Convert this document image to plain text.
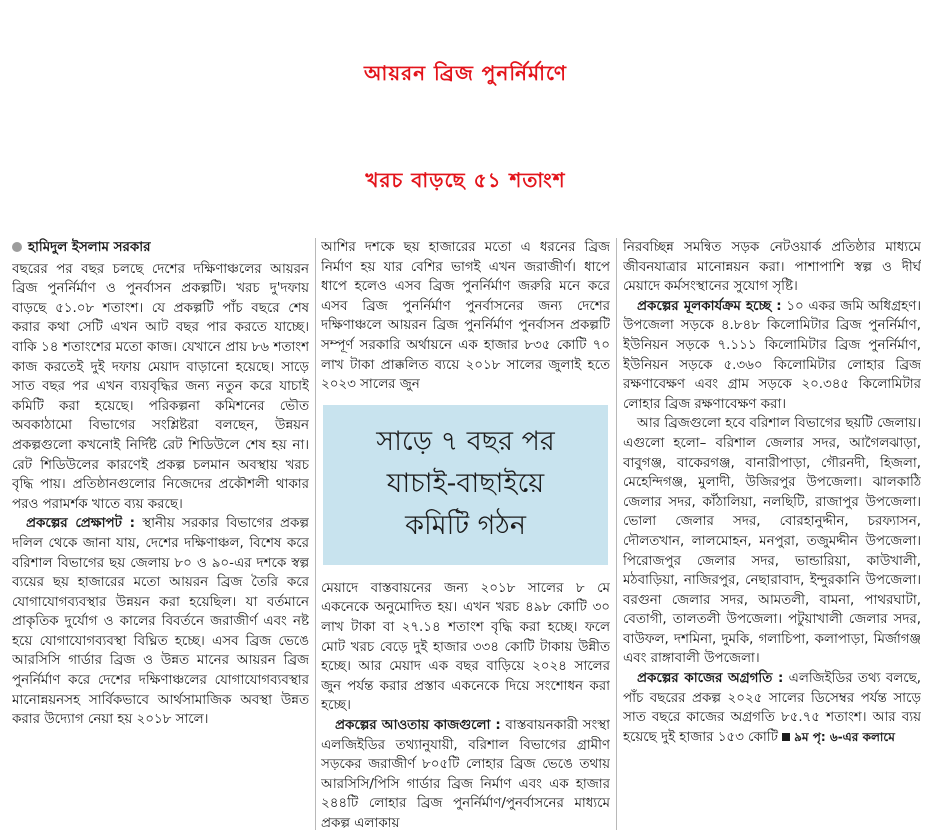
আয়রন ব্রিজ পুনর্নির্মাণে
খরচ বাড়ছে ৫১ শতাংশ
হামিদুল ইসলাম সরকার

বছরের পর বছর চলছে দেশের দক্ষিণাঞ্চলের আয়রন ব্রিজ পুনর্নির্মাণ ও পুনর্বাসন প্রকল্পটি। খরচ দু'দফায় বাড়ছে ৫১.০৮ শতাংশ। যে প্রকল্পটি পাঁচ বছরে শেষ করার কথা সেটি এখন আট বছর পার করতে যাচ্ছে। বাকি ১৪ শতাংশের মতো কাজ। যেখানে প্রায় ৮৬ শতাংশ কাজ করতেই দুই দফায় মেয়াদ বাড়ানো হয়েছে। সাড়ে সাত বছর পর এখন ব্যয়বৃদ্ধির জন্য নতুন করে যাচাই কমিটি করা হয়েছে। পরিকল্পনা কমিশনের ভৌত অবকাঠামো বিভাগের সংশ্লিষ্টরা বলছেন, উন্নয়ন প্রকল্পগুলো কখনোই নির্দিষ্ট রেট শিডিউলে শেষ হয় না। রেট শিডিউলের কারণেই প্রকল্প চলমান অবস্থায় খরচ বৃদ্ধি পায়। প্রতিষ্ঠানগুলোর নিজেদের প্রকৌশলী থাকার পরও পরামর্শক খাতে ব্যয় করছে।

প্রকল্পের প্রেক্ষাপট : স্থানীয় সরকার বিভাগের প্রকল্প দলিল থেকে জানা যায়, দেশের দক্ষিণাঞ্চল, বিশেষ করে বরিশাল বিভাগের ছয় জেলায় ৮০ ও ৯০-এর দশকে স্বল্প ব্যয়ের ছয় হাজারের মতো আয়রন ব্রিজ তৈরি করে যোগাযোগব্যবস্থার উন্নয়ন করা হয়েছিল। যা বর্তমানে প্রাকৃতিক দুর্যোগ ও কালের বিবর্তনে জরাজীর্ণ এবং নষ্ট হয়ে যোগাযোগব্যবস্থা বিঘ্নিত হচ্ছে। এসব ব্রিজ ভেঙে আরসিসি গার্ডার ব্রিজ ও উন্নত মানের আয়রন ব্রিজ পুনর্নির্মাণ করে দেশের দক্ষিণাঞ্চলের যোগাযোগব্যবস্থার মানোন্নয়নসহ সার্বিকভাবে আর্থসামাজিক অবস্থা উন্নত করার উদ্যোগ নেয়া হয় ২০১৮ সালে।

আশির দশকে ছয় হাজারের মতো এ ধরনের ব্রিজ নির্মাণ হয় যার বেশির ভাগই এখন জরাজীর্ণ। ধাপে ধাপে হলেও এসব ব্রিজ পুনর্নির্মাণ জরুরি মনে করে এসব ব্রিজ পুনর্নির্মাণ পুনর্বাসনের জন্য দেশের দক্ষিণাঞ্চলে আয়রন ব্রিজ পুনর্নির্মাণ পুনর্বাসন প্রকল্পটি সম্পূর্ণ সরকারি অর্থায়নে এক হাজার ৮৩৫ কোটি ৭০ লাখ টাকা প্রাক্কলিত ব্যয়ে ২০১৮ সালের জুলাই হতে ২০২৩ সালের জুন

সাড়ে ৭ বছর পর
যাচাই-বাছাইয়ে
কমিটি গঠন

মেয়াদে বাস্তবায়নের জন্য ২০১৮ সালের ৮ মে একনেকে অনুমোদিত হয়। এখন খরচ ৪৯৮ কোটি ৩০ লাখ টাকা বা ২৭.১৪ শতাংশ বৃদ্ধি করা হচ্ছে। ফলে মোট খরচ বেড়ে দুই হাজার ৩৩৪ কোটি টাকায় উন্নীত হচ্ছে। আর মেয়াদ এক বছর বাড়িয়ে ২০২৪ সালের জুন পর্যন্ত করার প্রস্তাব একনেকে দিয়ে সংশোধন করা হচ্ছে।

প্রকল্পের আওতায় কাজগুলো : বাস্তবায়নকারী সংস্থা এলজিইডির তথ্যানুযায়ী, বরিশাল বিভাগের গ্রামীণ সড়কের জরাজীর্ণ ৮০৫টি লোহার ব্রিজ ভেঙে তথায় আরসিসি/পিসি গার্ডার ব্রিজ নির্মাণ এবং এক হাজার ২৪৪টি লোহার ব্রিজ পুনর্নির্মাণ/পুনর্বাসনের মাধ্যমে প্রকল্প এলাকায়

নিরবচ্ছিন্ন সমন্বিত সড়ক নেটওয়ার্ক প্রতিষ্ঠার মাধ্যমে জীবনযাত্রার মানোন্নয়ন করা। পাশাপাশি স্বল্প ও দীর্ঘ মেয়াদে কর্মসংস্থানের সুযোগ সৃষ্টি।

প্রকল্পের মূলকার্যক্রম হচ্ছে : ১০ একর জমি অধিগ্রহণ। উপজেলা সড়কে ৪.৮৪৮ কিলোমিটার ব্রিজ পুনর্নির্মাণ, ইউনিয়ন সড়কে ৭.১১১ কিলোমিটার ব্রিজ পুনর্নির্মাণ, ইউনিয়ন সড়কে ৫.৩৬০ কিলোমিটার লোহার ব্রিজ রক্ষণাবেক্ষণ এবং গ্রাম সড়কে ২০.৩৪৫ কিলোমিটার লোহার ব্রিজ রক্ষণাবেক্ষণ করা।

আর ব্রিজগুলো হবে বরিশাল বিভাগের ছয়টি জেলায়। এগুলো হলো– বরিশাল জেলার সদর, আগৈলঝাড়া, বাবুগঞ্জ, বাকেরগঞ্জ, বানারীপাড়া, গৌরনদী, হিজলা, মেহেন্দিগঞ্জ, মুলাদী, উজিরপুর উপজেলা। ঝালকাঠি জেলার সদর, কাঁঠালিয়া, নলছিটি, রাজাপুর উপজেলা। ভোলা জেলার সদর, বোরহানুদ্দীন, চরফ্যাসন, দৌলতখান, লালমোহন, মনপুরা, তজুমদ্দীন উপজেলা। পিরোজপুর জেলার সদর, ভান্ডারিয়া, কাউখালী, মঠবাড়িয়া, নাজিরপুর, নেছারাবাদ, ইন্দুরকানি উপজেলা। বরগুনা জেলার সদর, আমতলী, বামনা, পাথরঘাটা, বেতাগী, তালতলী উপজেলা। পটুয়াখালী জেলার সদর, বাউফল, দশমিনা, দুমকি, গলাচিপা, কলাপাড়া, মির্জাগঞ্জ এবং রাঙ্গাবালী উপজেলা।

প্রকল্পের কাজের অগ্রগতি : এলজিইডির তথ্য বলছে, পাঁচ বছরের প্রকল্প ২০২৫ সালের ডিসেম্বর পর্যন্ত সাড়ে সাত বছরে কাজের অগ্রগতি ৮৫.৭৫ শতাংশ। আর ব্যয় হয়েছে দুই হাজার ১৫৩ কোটি ৯ম পৃ: ৬-এর কলামে
